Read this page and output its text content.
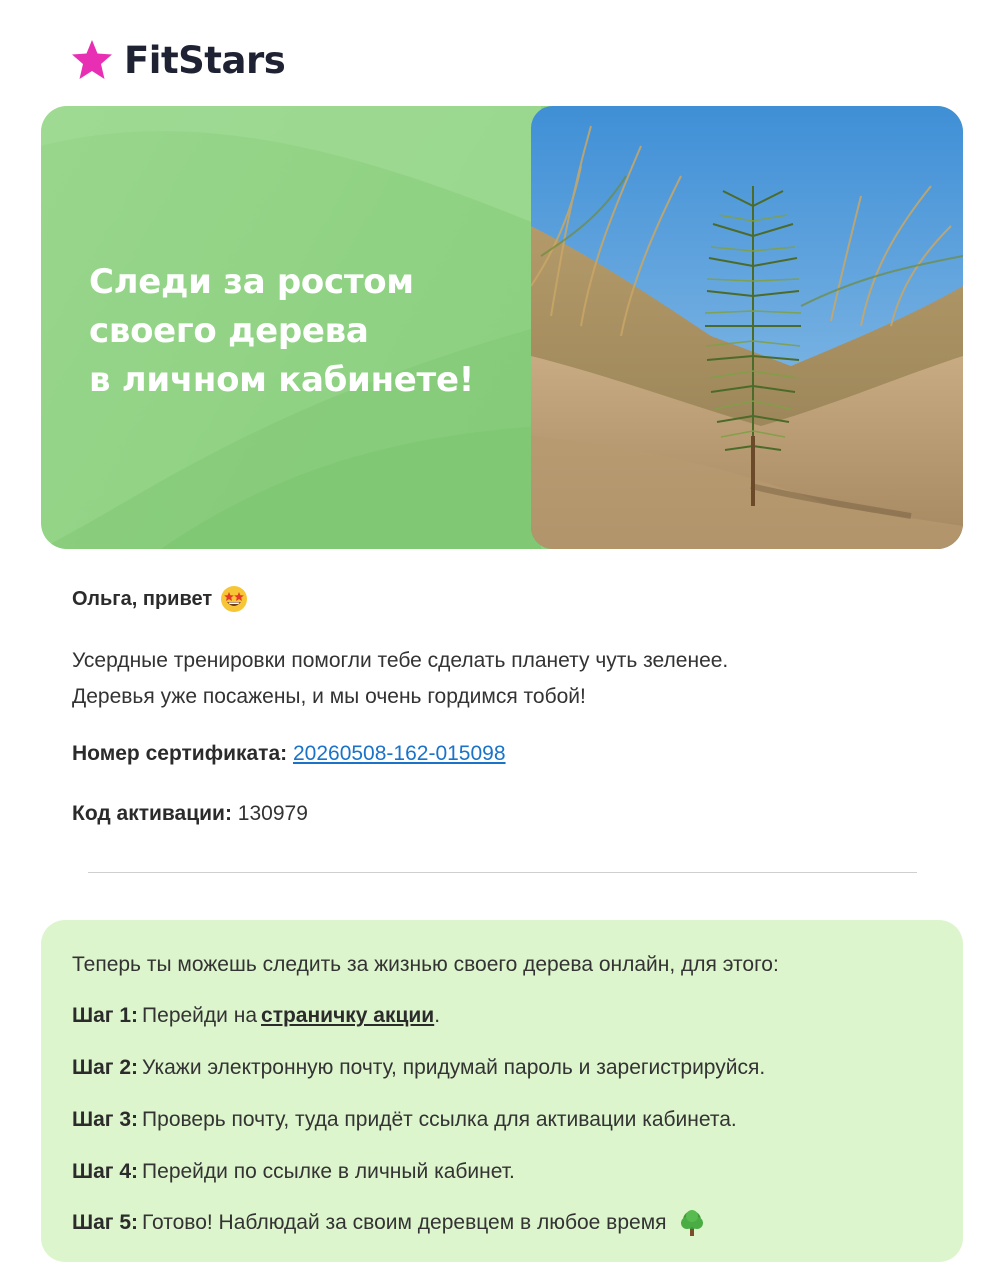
FitStars
Следи за ростом
своего дерева
в личном кабинете!
Ольга, привет

Усердные тренировки помогли тебе сделать планету чуть зеленее.

Деревья уже посажены, и мы очень гордимся тобой!

Номер сертификата: 20260508-162-015098
Код активации: 130979
Теперь ты можешь следить за жизнью своего дерева онлайн, для этого:
Шаг 1: Перейди на страничку акции .
Шаг 2: Укажи электронную почту, придумай пароль и зарегистрируйся.
Шаг 3: Проверь почту, туда придёт ссылка для активации кабинета.
Шаг 4: Перейди по ссылке в личный кабинет.
Шаг 5: Готово! Наблюдай за своим деревцем в любое время
